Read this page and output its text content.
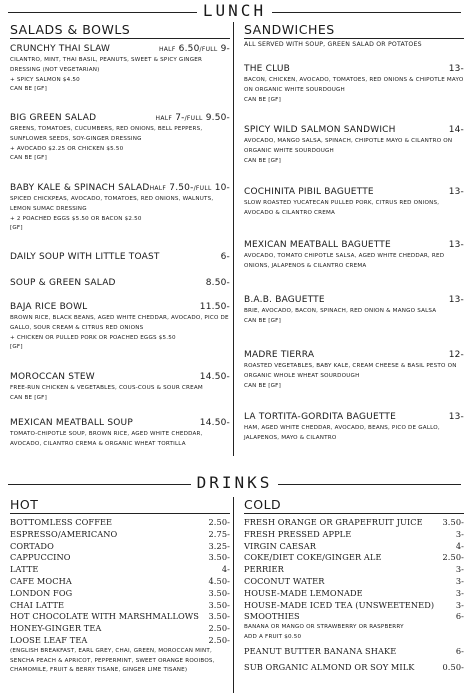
LUNCH
SALADS & BOWLS
CRUNCHY THAI SLAW	HALF 6.50/FULL 9-
CILANTRO, MINT, THAI BASIL, PEANUTS, SWEET & SPICY GINGER DRESSING (NOT VEGETARIAN)
+ SPICY SALMON $4.50
CAN BE [GF]
BIG GREEN SALAD	HALF 7-/FULL 9.50-
GREENS, TOMATOES, CUCUMBERS, RED ONIONS, BELL PEPPERS, SUNFLOWER SEEDS, SOY-GINGER DRESSING
+ AVOCADO $2.25 OR CHICKEN $5.50
CAN BE [GF]
BABY KALE & SPINACH SALAD HALF 7.50-/FULL 10-
SPICED CHICKPEAS, AVOCADO, TOMATOES, RED ONIONS, WALNUTS, LEMON SUMAC DRESSING
+ 2 POACHED EGGS $5.50 OR BACON $2.50
[GF]
DAILY SOUP WITH LITTLE TOAST	6-
SOUP & GREEN SALAD	8.50-
BAJA RICE BOWL	11.50-
BROWN RICE, BLACK BEANS, AGED WHITE CHEDDAR, AVOCADO, PICO DE GALLO, SOUR CREAM & CITRUS RED ONIONS
+ CHICKEN OR PULLED PORK OR POACHED EGGS $5.50
[GF]
MOROCCAN STEW	14.50-
FREE-RUN CHICKEN & VEGETABLES, COUS-COUS & SOUR CREAM
CAN BE [GF]
MEXICAN MEATBALL SOUP	14.50-
TOMATO-CHIPOTLE SOUP, BROWN RICE, AGED WHITE CHEDDAR, AVOCADO, CILANTRO CREMA & ORGANIC WHEAT TORTILLA
SANDWICHES
ALL SERVED WITH SOUP, GREEN SALAD OR POTATOES
THE CLUB	13-
BACON, CHICKEN, AVOCADO, TOMATOES, RED ONIONS & CHIPOTLE MAYO ON ORGANIC WHITE SOURDOUGH
CAN BE [GF]
SPICY WILD SALMON SANDWICH	14-
AVOCADO, MANGO SALSA, SPINACH, CHIPOTLE MAYO & CILANTRO ON ORGANIC WHITE SOURDOUGH
CAN BE [GF]
COCHINITA PIBIL BAGUETTE	13-
SLOW ROASTED YUCATECAN PULLED PORK, CITRUS RED ONIONS, AVOCADO & CILANTRO CREMA
MEXICAN MEATBALL BAGUETTE	13-
AVOCADO, TOMATO CHIPOTLE SALSA, AGED WHITE CHEDDAR, RED ONIONS, JALAPENOS & CILANTRO CREMA
B.A.B. BAGUETTE	13-
BRIE, AVOCADO, BACON, SPINACH, RED ONION & MANGO SALSA
CAN BE [GF]
MADRE TIERRA	12-
ROASTED VEGETABLES, BABY KALE, CREAM CHEESE & BASIL PESTO ON ORGANIC WHOLE WHEAT SOURDOUGH
CAN BE [GF]
LA TORTITA-GORDITA BAGUETTE	13-
HAM, AGED WHITE CHEDDAR, AVOCADO, BEANS, PICO DE GALLO, JALAPENOS, MAYO & CILANTRO
DRINKS
HOT
BOTTOMLESS COFFEE	2.50-
ESPRESSO/AMERICANO	2.75-
CORTADO	3.25-
CAPPUCCINO	3.50-
LATTE	4-
CAFE MOCHA	4.50-
LONDON FOG	3.50-
CHAI LATTE	3.50-
HOT CHOCOLATE WITH MARSHMALLOWS 3.50-
HONEY-GINGER TEA	2.50-
LOOSE LEAF TEA	2.50-
(ENGLISH BREAKFAST, EARL GREY, CHAI, GREEN, MOROCCAN MINT, SENCHA PEACH & APRICOT, PEPPERMINT, SWEET ORANGE ROOIBOS, CHAMOMILE, FRUIT & BERRY TISANE, GINGER LIME TISANE)
COLD
FRESH ORANGE OR GRAPEFRUIT JUICE 3.50-
FRESH PRESSED APPLE	3-
VIRGIN CAESAR	4-
COKE/DIET COKE/GINGER ALE	2.50-
PERRIER	3-
COCONUT WATER	3-
HOUSE-MADE LEMONADE	3-
HOUSE-MADE ICED TEA (UNSWEETENED)	3-
SMOOTHIES	6-
BANANA OR MANGO OR STRAWBERRY OR RASPBERRY
ADD A FRUIT $0.50
PEANUT BUTTER BANANA SHAKE	6-
SUB ORGANIC ALMOND OR SOY MILK	0.50-
